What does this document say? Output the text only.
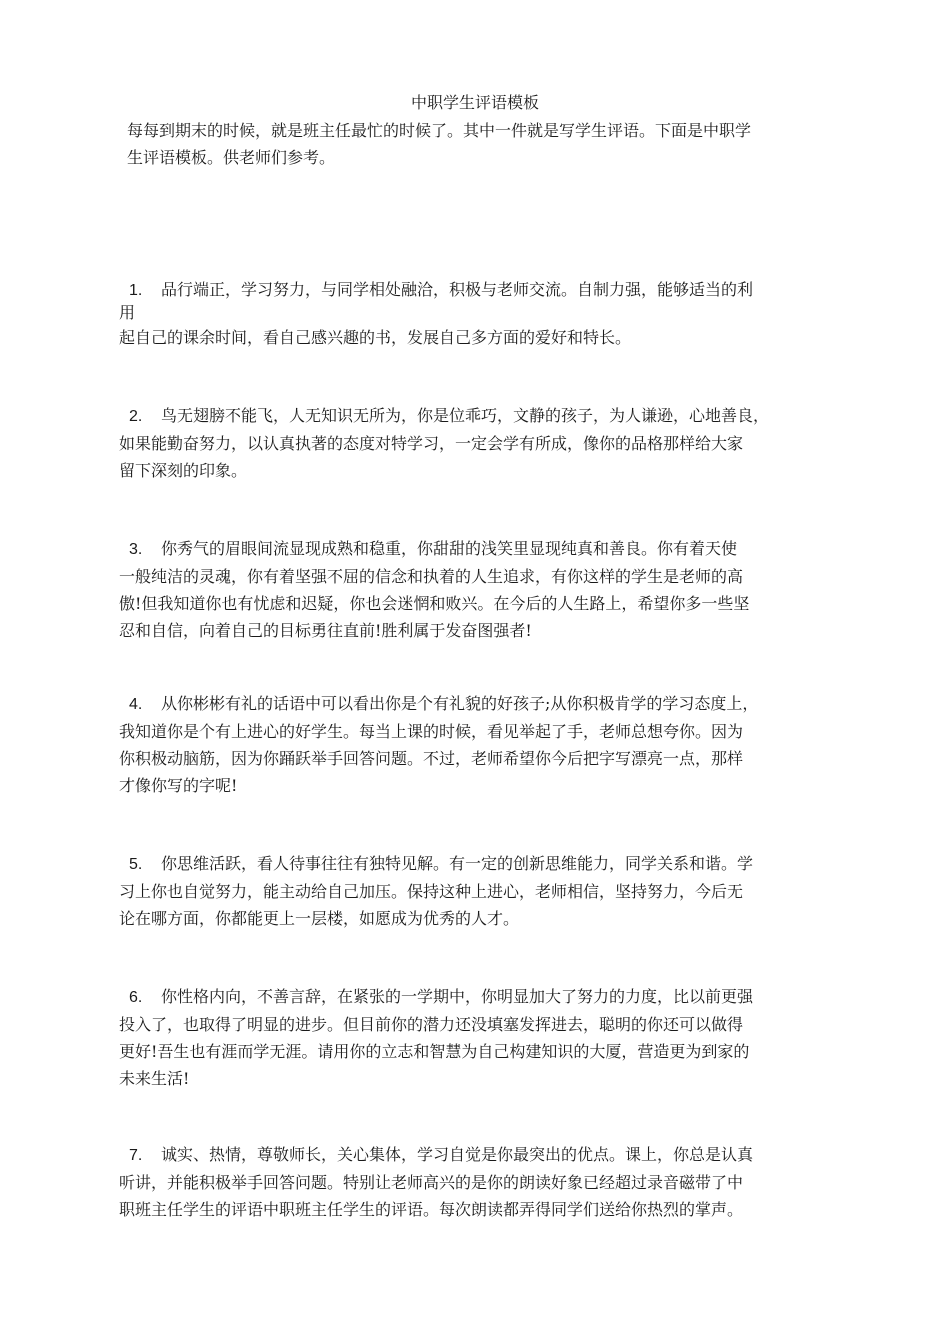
中职学生评语模板
每每到期末的时候，就是班主任最忙的时候了。其中一件就是写学生评语。下面是中职学
生评语模板。供老师们参考。
1. 品行端正，学习努力，与同学相处融洽，积极与老师交流。自制力强，能够适当的利
用
起自己的课余时间，看自己感兴趣的书，发展自己多方面的爱好和特长。
2. 鸟无翅膀不能飞，人无知识无所为，你是位乖巧，文静的孩子，为人谦逊，心地善良，
如果能勤奋努力，以认真执著的态度对特学习，一定会学有所成，像你的品格那样给大家
留下深刻的印象。
3. 你秀气的眉眼间流显现成熟和稳重，你甜甜的浅笑里显现纯真和善良。你有着天使
一般纯洁的灵魂，你有着坚强不屈的信念和执着的人生追求，有你这样的学生是老师的高
傲!但我知道你也有忧虑和迟疑，你也会迷惘和败兴。在今后的人生路上，希望你多一些坚
忍和自信，向着自己的目标勇往直前!胜利属于发奋图强者!
4. 从你彬彬有礼的话语中可以看出你是个有礼貌的好孩子;从你积极肯学的学习态度上，
我知道你是个有上进心的好学生。每当上课的时候，看见举起了手，老师总想夸你。因为
你积极动脑筋，因为你踊跃举手回答问题。不过，老师希望你今后把字写漂亮一点，那样
才像你写的字呢!
5. 你思维活跃，看人待事往往有独特见解。有一定的创新思维能力，同学关系和谐。学
习上你也自觉努力，能主动给自己加压。保持这种上进心，老师相信，坚持努力，今后无
论在哪方面，你都能更上一层楼，如愿成为优秀的人才。
6. 你性格内向，不善言辞，在紧张的一学期中，你明显加大了努力的力度，比以前更强
投入了，也取得了明显的进步。但目前你的潜力还没填塞发挥进去，聪明的你还可以做得
更好!吾生也有涯而学无涯。请用你的立志和智慧为自己构建知识的大厦，营造更为到家的
未来生活!
7. 诚实、热情，尊敬师长，关心集体，学习自觉是你最突出的优点。课上，你总是认真
听讲，并能积极举手回答问题。特别让老师高兴的是你的朗读好象已经超过录音磁带了中
职班主任学生的评语中职班主任学生的评语。每次朗读都弄得同学们送给你热烈的掌声。
